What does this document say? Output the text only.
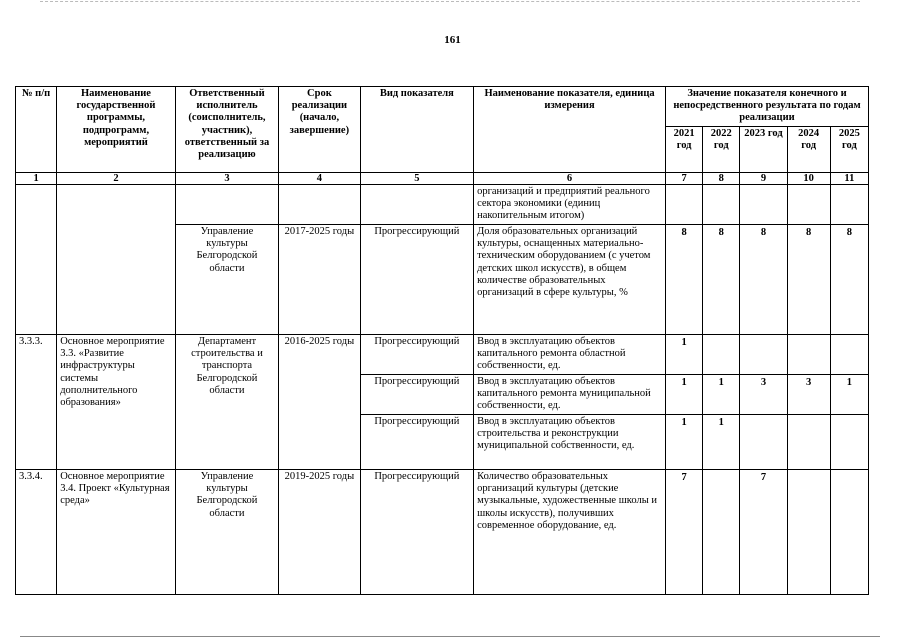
161
№ п/п	Наименование государственной программы, подпрограмм, мероприятий	Ответственный исполнитель (соисполнитель, участник), ответственный за реализацию	Срок реализации (начало, завершение)	Вид показателя	Наименование показателя, единица измерения	Значение показателя конечного и непосредственного результата по годам реализации				
						2021 год	2022 год	2023 год	2024 год	2025 год
1	2	3	4	5	6	7	8	9	10	11
					организаций и предприятий реального сектора экономики (единиц накопительным итогом)					
		Управление культуры Белгородской области	2017-2025 годы	Прогрессирующий	Доля образовательных организаций культуры, оснащенных материально-техническим оборудованием (с учетом детских школ искусств), в общем количестве образовательных организаций в сфере культуры, %	8	8	8	8	8
3.3.3.	Основное мероприятие 3.3. «Развитие инфраструктуры системы дополнительного образования»	Департамент строительства и транспорта
Белгородской области	2016-2025 годы	Прогрессирующий	Ввод в эксплуатацию объектов капитального ремонта областной собственности, ед.	1				
				Прогрессирующий	Ввод в эксплуатацию объектов капитального ремонта муниципальной собственности, ед.	1	1	3	3	1
				Прогрессирующий	Ввод в эксплуатацию объектов строительства и реконструкции муниципальной собственности, ед.	1	1			
3.3.4.	Основное мероприятие 3.4. Проект «Культурная среда»	Управление культуры Белгородской области	2019-2025 годы	Прогрессирующий	Количество образовательных организаций культуры (детские музыкальные, художественные школы и школы искусств), получивших современное оборудование, ед.	7		7		
